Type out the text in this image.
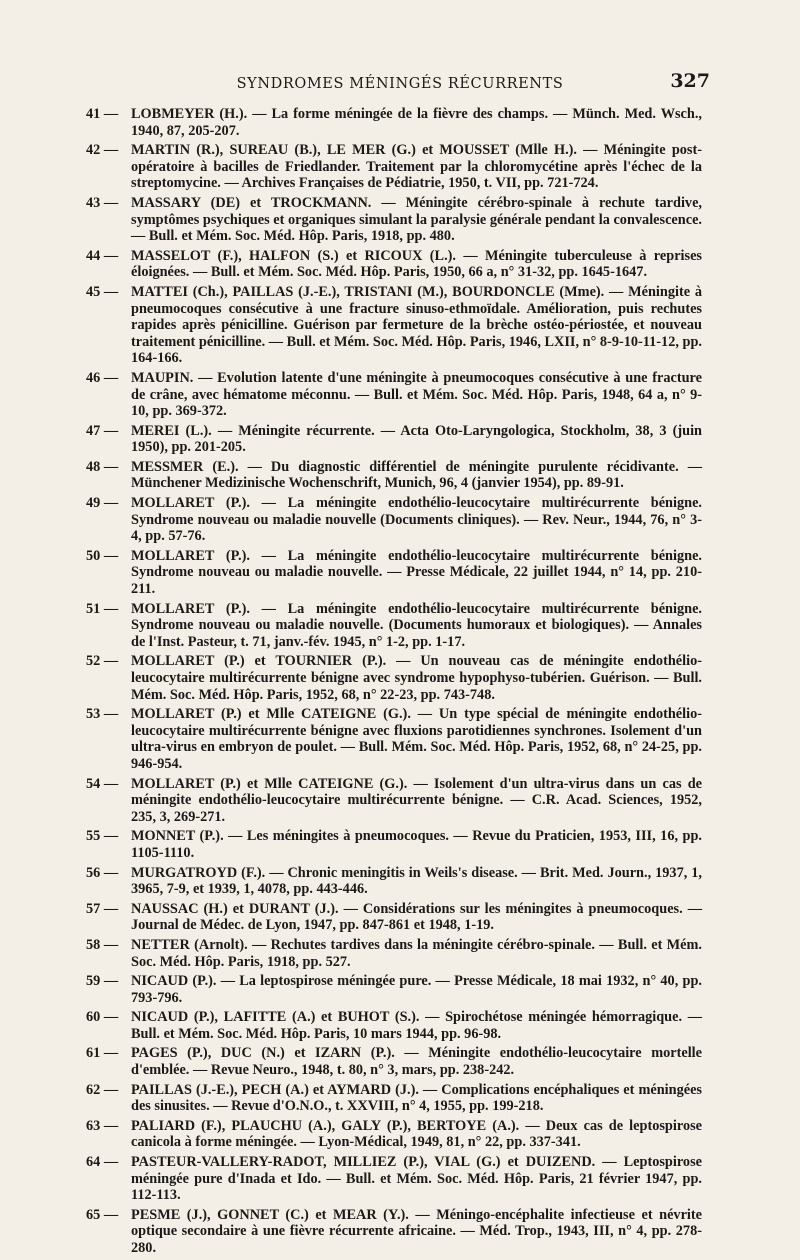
SYNDROMES MÉNINGÉS RÉCURRENTS	327
41 — LOBMEYER (H.). — La forme méningée de la fièvre des champs. — Münch. Med. Wsch., 1940, 87, 205-207.
42 — MARTIN (R.), SUREAU (B.), LE MER (G.) et MOUSSET (Mlle H.). — Méningite post-opératoire à bacilles de Friedlander. Traitement par la chloromycétine après l'échec de la streptomycine. — Archives Françaises de Pédiatrie, 1950, t. VII, pp. 721-724.
43 — MASSARY (DE) et TROCKMANN. — Méningite cérébro-spinale à rechute tardive, symptômes psychiques et organiques simulant la paralysie générale pendant la convalescence. — Bull. et Mém. Soc. Méd. Hôp. Paris, 1918, pp. 480.
44 — MASSELOT (F.), HALFON (S.) et RICOUX (L.). — Méningite tuberculeuse à reprises éloignées. — Bull. et Mém. Soc. Méd. Hôp. Paris, 1950, 66 a, n° 31-32, pp. 1645-1647.
45 — MATTEI (Ch.), PAILLAS (J.-E.), TRISTANI (M.), BOURDONCLE (Mme). — Méningite à pneumocoques consécutive à une fracture sinuso-ethmoïdale. Amélioration, puis rechutes rapides après pénicilline. Guérison par fermeture de la brèche ostéo-périostée, et nouveau traitement pénicilline. — Bull. et Mém. Soc. Méd. Hôp. Paris, 1946, LXII, n° 8-9-10-11-12, pp. 164-166.
46 — MAUPIN. — Evolution latente d'une méningite à pneumocoques consécutive à une fracture de crâne, avec hématome méconnu. — Bull. et Mém. Soc. Méd. Hôp. Paris, 1948, 64 a, n° 9-10, pp. 369-372.
47 — MEREI (L.). — Méningite récurrente. — Acta Oto-Laryngologica, Stockholm, 38, 3 (juin 1950), pp. 201-205.
48 — MESSMER (E.). — Du diagnostic différentiel de méningite purulente récidivante. — Münchener Medizinische Wochenschrift, Munich, 96, 4 (janvier 1954), pp. 89-91.
49 — MOLLARET (P.). — La méningite endothélio-leucocytaire multirécurrente bénigne. Syndrome nouveau ou maladie nouvelle (Documents cliniques). — Rev. Neur., 1944, 76, n° 3-4, pp. 57-76.
50 — MOLLARET (P.). — La méningite endothélio-leucocytaire multirécurrente bénigne. Syndrome nouveau ou maladie nouvelle. — Presse Médicale, 22 juillet 1944, n° 14, pp. 210-211.
51 — MOLLARET (P.). — La méningite endothélio-leucocytaire multirécurrente bénigne. Syndrome nouveau ou maladie nouvelle. (Documents humoraux et biologiques). — Annales de l'Inst. Pasteur, t. 71, janv.-fév. 1945, n° 1-2, pp. 1-17.
52 — MOLLARET (P.) et TOURNIER (P.). — Un nouveau cas de méningite endothélio-leucocytaire multirécurrente bénigne avec syndrome hypophyso-tubérien. Guérison. — Bull. Mém. Soc. Méd. Hôp. Paris, 1952, 68, n° 22-23, pp. 743-748.
53 — MOLLARET (P.) et Mlle CATEIGNE (G.). — Un type spécial de méningite endothélio-leucocytaire multirécurrente bénigne avec fluxions parotidiennes synchrones. Isolement d'un ultra-virus en embryon de poulet. — Bull. Mém. Soc. Méd. Hôp. Paris, 1952, 68, n° 24-25, pp. 946-954.
54 — MOLLARET (P.) et Mlle CATEIGNE (G.). — Isolement d'un ultra-virus dans un cas de méningite endothélio-leucocytaire multirécurrente bénigne. — C.R. Acad. Sciences, 1952, 235, 3, 269-271.
55 — MONNET (P.). — Les méningites à pneumocoques. — Revue du Praticien, 1953, III, 16, pp. 1105-1110.
56 — MURGATROYD (F.). — Chronic meningitis in Weils's disease. — Brit. Med. Journ., 1937, 1, 3965, 7-9, et 1939, 1, 4078, pp. 443-446.
57 — NAUSSAC (H.) et DURANT (J.). — Considérations sur les méningites à pneumocoques. — Journal de Médec. de Lyon, 1947, pp. 847-861 et 1948, 1-19.
58 — NETTER (Arnolt). — Rechutes tardives dans la méningite cérébro-spinale. — Bull. et Mém. Soc. Méd. Hôp. Paris, 1918, pp. 527.
59 — NICAUD (P.). — La leptospirose méningée pure. — Presse Médicale, 18 mai 1932, n° 40, pp. 793-796.
60 — NICAUD (P.), LAFITTE (A.) et BUHOT (S.). — Spirochétose méningée hémorragique. — Bull. et Mém. Soc. Méd. Hôp. Paris, 10 mars 1944, pp. 96-98.
61 — PAGES (P.), DUC (N.) et IZARN (P.). — Méningite endothélio-leucocytaire mortelle d'emblée. — Revue Neuro., 1948, t. 80, n° 3, mars, pp. 238-242.
62 — PAILLAS (J.-E.), PECH (A.) et AYMARD (J.). — Complications encéphaliques et méningées des sinusites. — Revue d'O.N.O., t. XXVIII, n° 4, 1955, pp. 199-218.
63 — PALIARD (F.), PLAUCHU (A.), GALY (P.), BERTOYE (A.). — Deux cas de leptospirose canicola à forme méningée. — Lyon-Médical, 1949, 81, n° 22, pp. 337-341.
64 — PASTEUR-VALLERY-RADOT, MILLIEZ (P.), VIAL (G.) et DUIZEND. — Leptospirose méningée pure d'Inada et Ido. — Bull. et Mém. Soc. Méd. Hôp. Paris, 21 février 1947, pp. 112-113.
65 — PESME (J.), GONNET (C.) et MEAR (Y.). — Méningo-encéphalite infectieuse et névrite optique secondaire à une fièvre récurrente africaine. — Méd. Trop., 1943, III, n° 4, pp. 278-280.
